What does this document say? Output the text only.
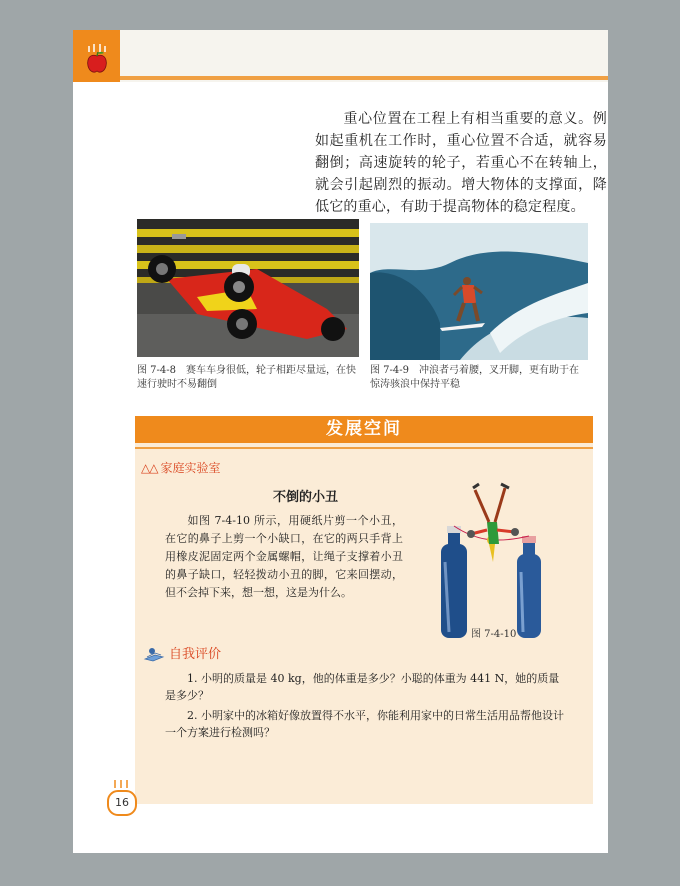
重心位置在工程上有相当重要的意义。例如起重机在工作时，重心位置不合适，就容易翻倒；高速旋转的轮子，若重心不在转轴上，就会引起剧烈的振动。增大物体的支撑面，降低它的重心，有助于提高物体的稳定程度。

图 7-4-8　赛车车身很低，轮子相距尽量远，在快速行驶时不易翻倒

图 7-4-9　冲浪者弓着腰，叉开脚，更有助于在惊涛骇浪中保持平稳

发展空间
△△ 家庭实验室
不倒的小丑

如图 7-4-10 所示，用硬纸片剪一个小丑，在它的鼻子上剪一个小缺口，在它的两只手背上用橡皮泥固定两个金属螺帽，让绳子支撑着小丑的鼻子缺口，轻轻拨动小丑的脚，它来回摆动，但不会掉下来，想一想，这是为什么。

图 7-4-10
自我评价

1. 小明的质量是 40 kg，他的体重是多少？小聪的体重为 441 N，她的质量是多少？

2. 小明家中的冰箱好像放置得不水平，你能利用家中的日常生活用品帮他设计一个方案进行检测吗？

16
